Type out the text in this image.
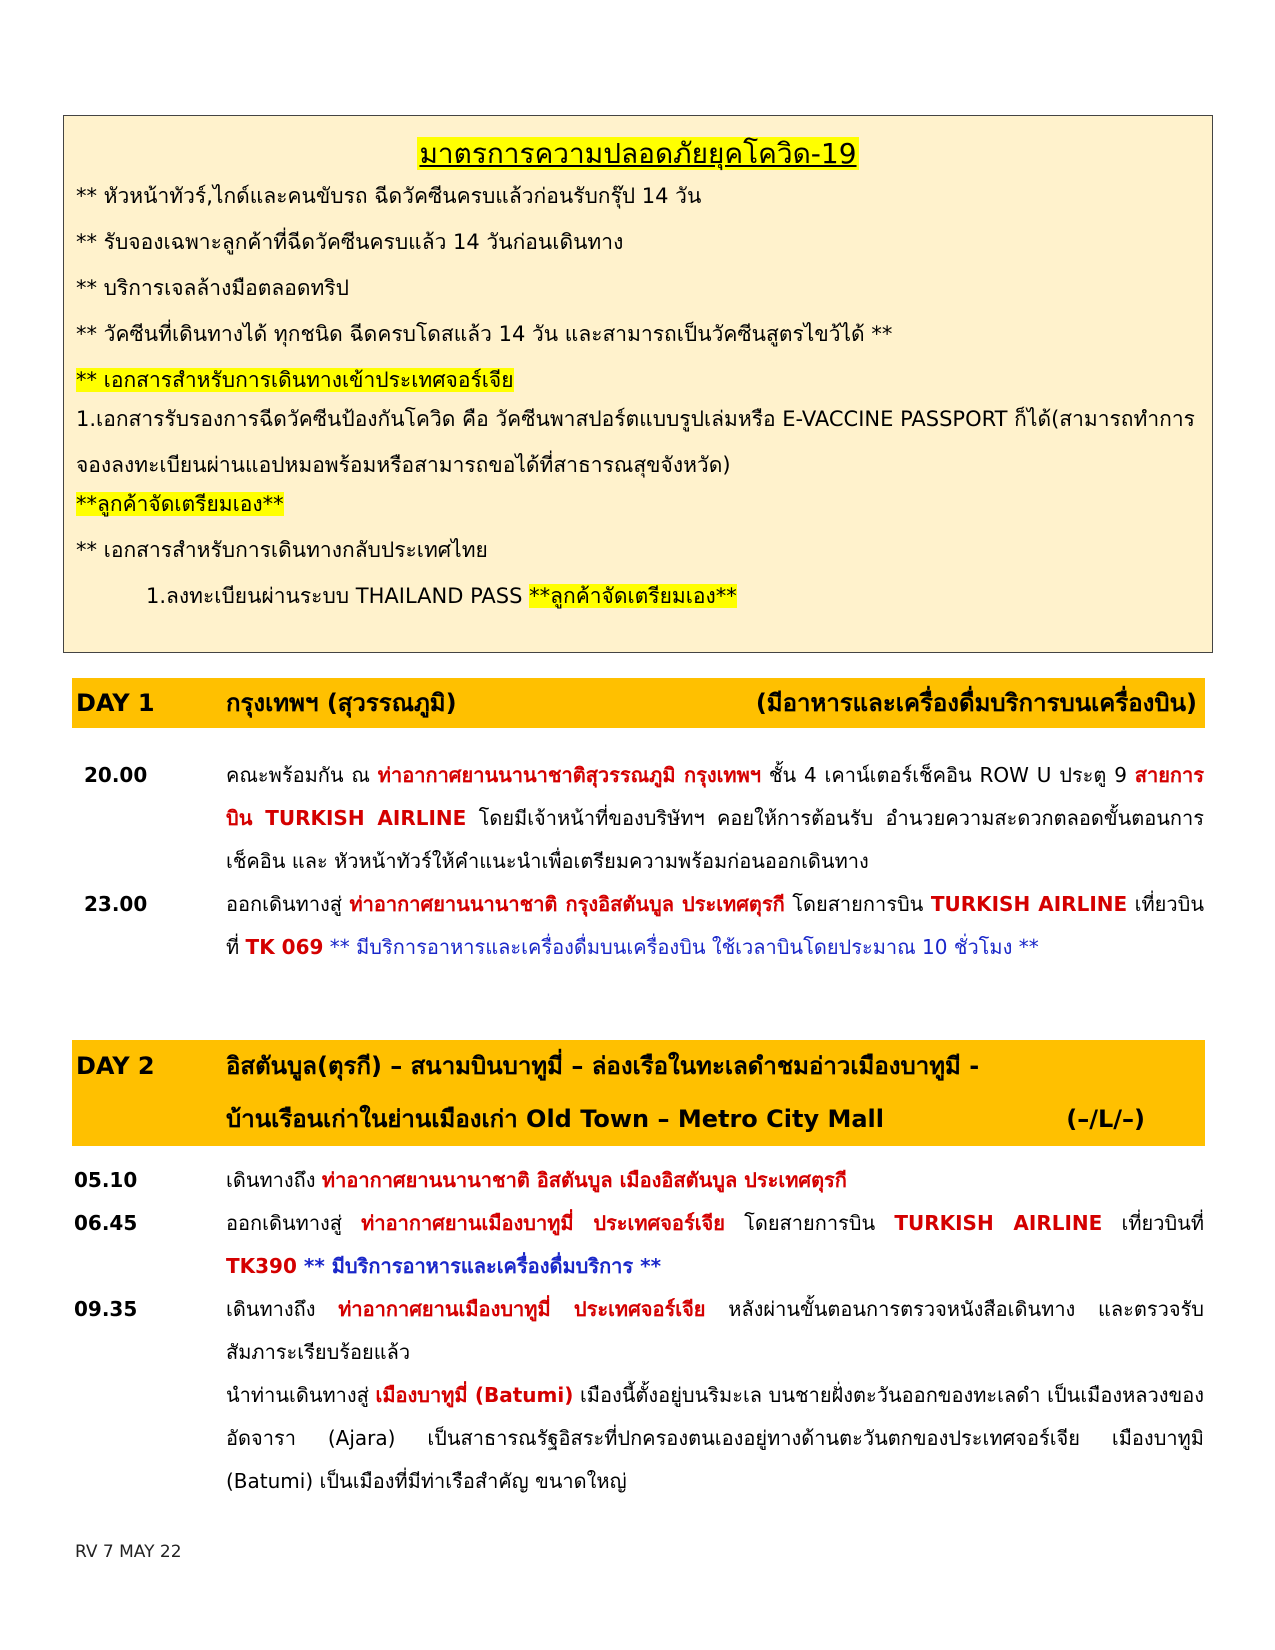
มาตรการความปลอดภัยยุคโควิด-19
** หัวหน้าทัวร์,ไกด์และคนขับรถ ฉีดวัคซีนครบแล้วก่อนรับกรุ๊ป 14 วัน
** รับจองเฉพาะลูกค้าที่ฉีดวัคซีนครบแล้ว 14 วันก่อนเดินทาง
** บริการเจลล้างมือตลอดทริป
** วัคซีนที่เดินทางได้ ทุกชนิด ฉีดครบโดสแล้ว 14 วัน และสามารถเป็นวัคซีนสูตรไขว้ได้ **
** เอกสารสำหรับการเดินทางเข้าประเทศจอร์เจีย
1.เอกสารรับรองการฉีดวัคซีนป้องกันโควิด คือ วัคซีนพาสปอร์ตแบบรูปเล่มหรือ E-VACCINE PASSPORT ก็ได้(สามารถทำการจองลงทะเบียนผ่านแอปหมอพร้อมหรือสามารถขอได้ที่สาธารณสุขจังหวัด)
**ลูกค้าจัดเตรียมเอง**
** เอกสารสำหรับการเดินทางกลับประเทศไทย
1.ลงทะเบียนผ่านระบบ THAILAND PASS **ลูกค้าจัดเตรียมเอง**
DAY 1	กรุงเทพฯ (สุวรรณภูมิ)	(มีอาหารและเครื่องดื่มบริการบนเครื่องบิน)
20.00	คณะพร้อมกัน ณ ท่าอากาศยานนานาชาติสุวรรณภูมิ กรุงเทพฯ ชั้น 4 เคาน์เตอร์เช็คอิน ROW U ประตู 9 สายการบิน TURKISH AIRLINE โดยมีเจ้าหน้าที่ของบริษัทฯ คอยให้การต้อนรับ อำนวยความสะดวกตลอดขั้นตอนการเช็คอิน และ หัวหน้าทัวร์ให้คำแนะนำเพื่อเตรียมความพร้อมก่อนออกเดินทาง
23.00	ออกเดินทางสู่ ท่าอากาศยานนานาชาติ กรุงอิสตันบูล ประเทศตุรกี โดยสายการบิน TURKISH AIRLINE เที่ยวบินที่ TK 069 ** มีบริการอาหารและเครื่องดื่มบนเครื่องบิน ใช้เวลาบินโดยประมาณ 10 ชั่วโมง **
DAY 2	อิสตันบูล(ตุรกี) – สนามบินบาทูมี่ – ล่องเรือในทะเลดำชมอ่าวเมืองบาทูมี -
บ้านเรือนเก่าในย่านเมืองเก่า Old Town – Metro City Mall	(–/L/–)
05.10	เดินทางถึง ท่าอากาศยานนานาชาติ อิสตันบูล เมืองอิสตันบูล ประเทศตุรกี
06.45	ออกเดินทางสู่ ท่าอากาศยานเมืองบาทูมี่ ประเทศจอร์เจีย โดยสายการบิน TURKISH AIRLINE เที่ยวบินที่ TK390 ** มีบริการอาหารและเครื่องดื่มบริการ **
09.35	เดินทางถึง ท่าอากาศยานเมืองบาทูมี่ ประเทศจอร์เจีย หลังผ่านขั้นตอนการตรวจหนังสือเดินทาง และตรวจรับสัมภาระเรียบร้อยแล้ว
นำท่านเดินทางสู่ เมืองบาทูมี่ (Batumi) เมืองนี้ตั้งอยู่บนริมะเล บนชายฝั่งตะวันออกของทะเลดำ เป็นเมืองหลวงของอัดจารา (Ajara) เป็นสาธารณรัฐอิสระที่ปกครองตนเองอยู่ทางด้านตะวันตกของประเทศจอร์เจีย เมืองบาทูมิ (Batumi) เป็นเมืองที่มีท่าเรือสำคัญ ขนาดใหญ่
RV 7 MAY 22
